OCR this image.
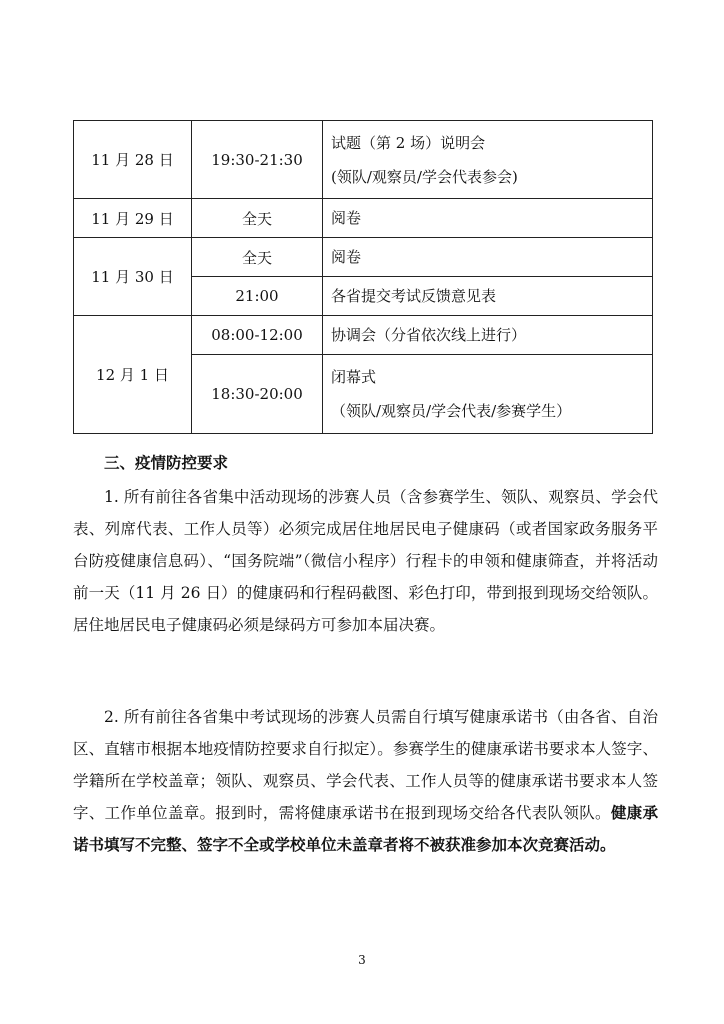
11 月 28 日	19:30-21:30	试题（第 2 场）说明会
(领队/观察员/学会代表参会)

11 月 29 日	全天	阅卷
11 月 30 日	全天	阅卷
	21:00	各省提交考试反馈意见表
12 月 1 日	08:00-12:00	协调会（分省依次线上进行）
	18:30-20:00	闭幕式
（领队/观察员/学会代表/参赛学生）
三、疫情防控要求
1. 所有前往各省集中活动现场的涉赛人员（含参赛学生、领队、观察员、学会代表、列席代表、工作人员等）必须完成居住地居民电子健康码（或者国家政务服务平台防疫健康信息码）、“国务院端”（微信小程序）行程卡的申领和健康筛查，并将活动前一天（11 月 26 日）的健康码和行程码截图、彩色打印，带到报到现场交给领队。居住地居民电子健康码必须是绿码方可参加本届决赛。
2. 所有前往各省集中考试现场的涉赛人员需自行填写健康承诺书（由各省、自治区、直辖市根据本地疫情防控要求自行拟定）。参赛学生的健康承诺书要求本人签字、学籍所在学校盖章；领队、观察员、学会代表、工作人员等的健康承诺书要求本人签字、工作单位盖章。报到时，需将健康承诺书在报到现场交给各代表队领队。健康承诺书填写不完整、签字不全或学校单位未盖章者将不被获准参加本次竞赛活动。
3
